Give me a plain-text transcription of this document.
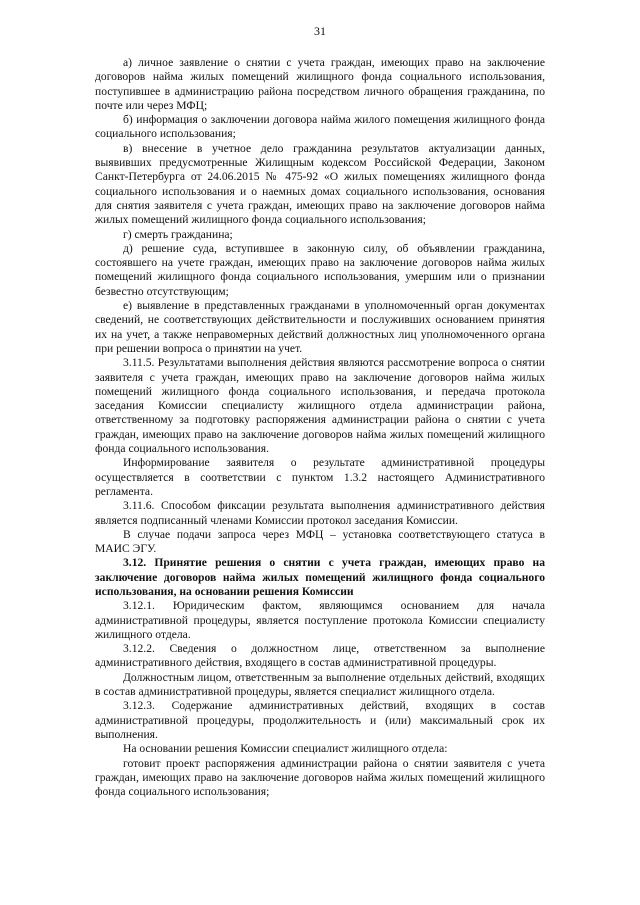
31

а) личное заявление о снятии с учета граждан, имеющих право на заключение договоров найма жилых помещений жилищного фонда социального использования, поступившее в администрацию района посредством личного обращения гражданина, по почте или через МФЦ;

б) информация о заключении договора найма жилого помещения жилищного фонда социального использования;

в) внесение в учетное дело гражданина результатов актуализации данных, выявивших предусмотренные Жилищным кодексом Российской Федерации, Законом Санкт-Петербурга от 24.06.2015 № 475-92 «О жилых помещениях жилищного фонда социального использования и о наемных домах социального использования, основания для снятия заявителя с учета граждан, имеющих право на заключение договоров найма жилых помещений жилищного фонда социального использования;

г) смерть гражданина;

д) решение суда, вступившее в законную силу, об объявлении гражданина, состоявшего на учете граждан, имеющих право на заключение договоров найма жилых помещений жилищного фонда социального использования, умершим или о признании безвестно отсутствующим;

е) выявление в представленных гражданами в уполномоченный орган документах сведений, не соответствующих действительности и послуживших основанием принятия их на учет, а также неправомерных действий должностных лиц уполномоченного органа при решении вопроса о принятии на учет.

3.11.5. Результатами выполнения действия являются рассмотрение вопроса о снятии заявителя с учета граждан, имеющих право на заключение договоров найма жилых помещений жилищного фонда социального использования, и передача протокола заседания Комиссии специалисту жилищного отдела администрации района, ответственному за подготовку распоряжения администрации района о снятии с учета граждан, имеющих право на заключение договоров найма жилых помещений жилищного фонда социального использования.

Информирование заявителя о результате административной процедуры осуществляется в соответствии с пунктом 1.3.2 настоящего Административного регламента.

3.11.6. Способом фиксации результата выполнения административного действия является подписанный членами Комиссии протокол заседания Комиссии.

В случае подачи запроса через МФЦ – установка соответствующего статуса в МАИС ЭГУ.

3.12. Принятие решения о снятии с учета граждан, имеющих право на заключение договоров найма жилых помещений жилищного фонда социального использования, на основании решения Комиссии

3.12.1. Юридическим фактом, являющимся основанием для начала административной процедуры, является поступление протокола Комиссии специалисту жилищного отдела.

3.12.2. Сведения о должностном лице, ответственном за выполнение административного действия, входящего в состав административной процедуры.

Должностным лицом, ответственным за выполнение отдельных действий, входящих в состав административной процедуры, является специалист жилищного отдела.

3.12.3. Содержание административных действий, входящих в состав административной процедуры, продолжительность и (или) максимальный срок их выполнения.

На основании решения Комиссии специалист жилищного отдела:

готовит проект распоряжения администрации района о снятии заявителя с учета граждан, имеющих право на заключение договоров найма жилых помещений жилищного фонда социального использования;
